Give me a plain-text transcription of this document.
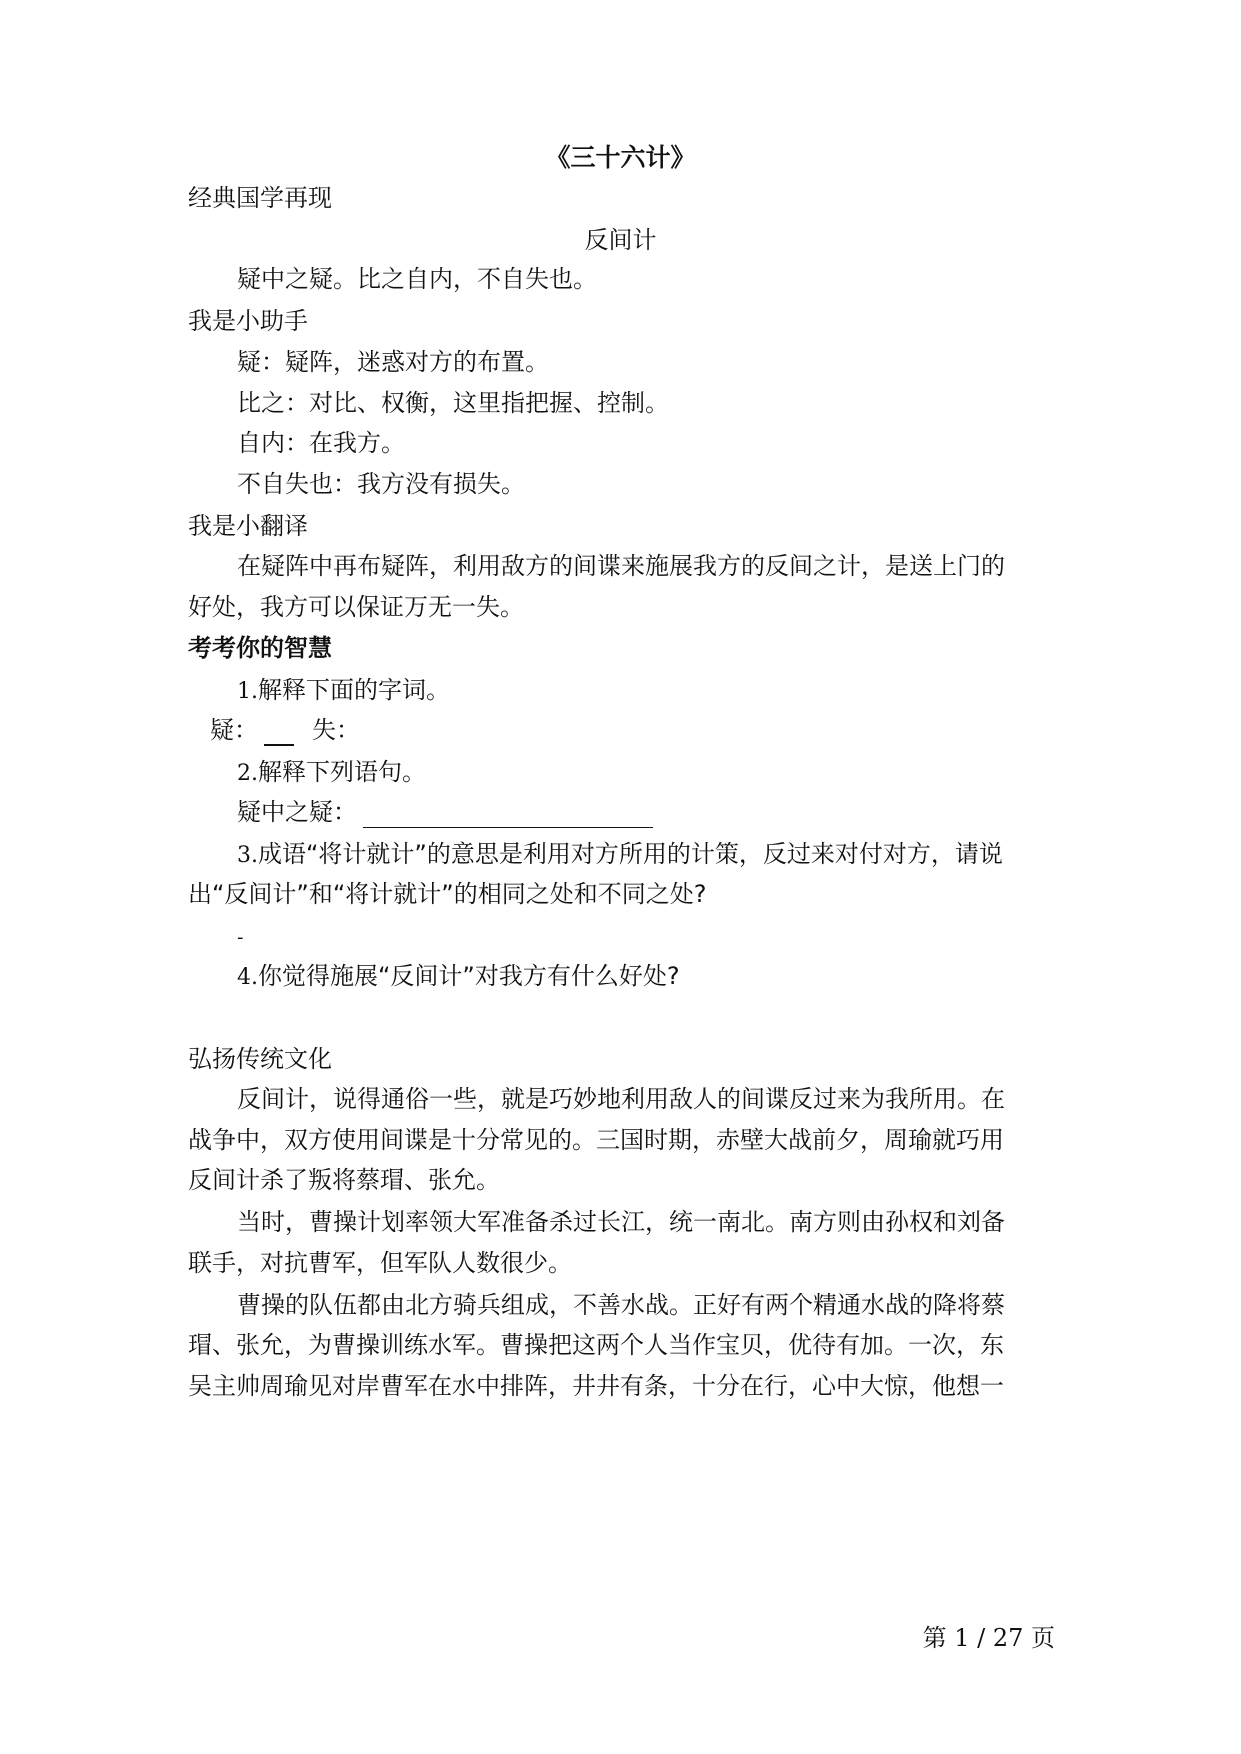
《三十六计》
经典国学再现
反间计
疑中之疑。比之自内，不自失也。
我是小助手
疑：疑阵，迷惑对方的布置。
比之：对比、权衡，这里指把握、控制。
自内：在我方。
不自失也：我方没有损失。
我是小翻译
在疑阵中再布疑阵，利用敌方的间谍来施展我方的反间之计，是送上门的
好处，我方可以保证万无一失。
考考你的智慧
1.解释下面的字词。
疑： 失：
2.解释下列语句。
疑中之疑：
3.成语“将计就计”的意思是利用对方所用的计策，反过来对付对方，请说
出“反间计”和“将计就计”的相同之处和不同之处?
-
4.你觉得施展“反间计”对我方有什么好处?
弘扬传统文化
反间计，说得通俗一些，就是巧妙地利用敌人的间谍反过来为我所用。在
战争中，双方使用间谍是十分常见的。三国时期，赤壁大战前夕，周瑜就巧用
反间计杀了叛将蔡瑁、张允。
当时，曹操计划率领大军准备杀过长江，统一南北。南方则由孙权和刘备
联手，对抗曹军，但军队人数很少。
曹操的队伍都由北方骑兵组成，不善水战。正好有两个精通水战的降将蔡
瑁、张允，为曹操训练水军。曹操把这两个人当作宝贝，优待有加。一次，东
吴主帅周瑜见对岸曹军在水中排阵，井井有条，十分在行，心中大惊，他想一
第 1 / 27 页
